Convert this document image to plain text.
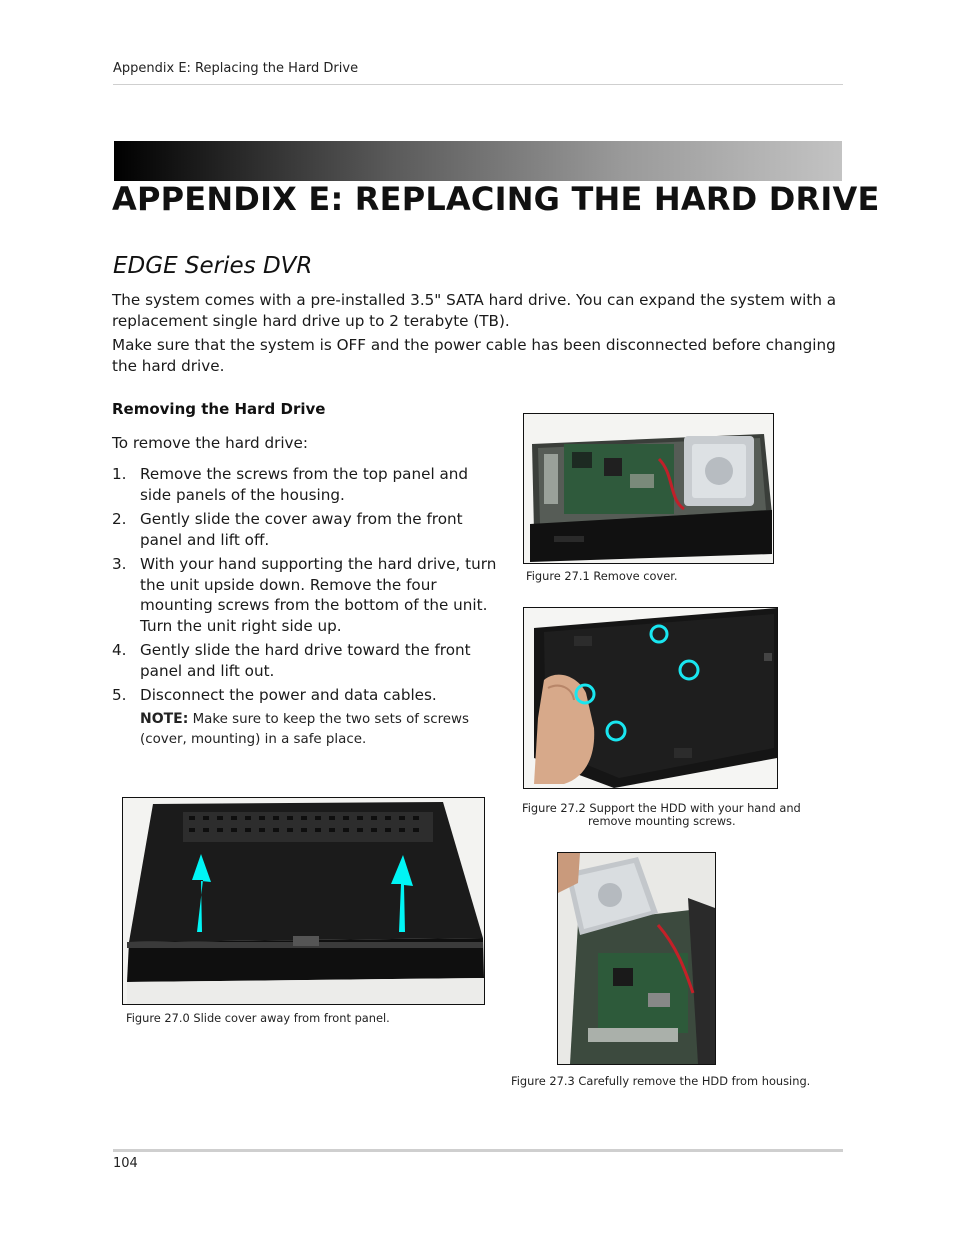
Appendix E: Replacing the Hard Drive
APPENDIX E: REPLACING THE HARD DRIVE
EDGE Series DVR
The system comes with a pre-installed 3.5" SATA hard drive. You can expand the system with a replacement single hard drive up to 2 terabyte (TB).
Make sure that the system is OFF and the power cable has been disconnected before changing the hard drive.
Removing the Hard Drive
To remove the hard drive:
1. Remove the screws from the top panel and side panels of the housing.
2. Gently slide the cover away from the front panel and lift off.
3. With your hand supporting the hard drive, turn the unit upside down. Remove the four mounting screws from the bottom of the unit. Turn the unit right side up.
4. Gently slide the hard drive toward the front panel and lift out.
5. Disconnect the power and data cables.
NOTE: Make sure to keep the two sets of screws (cover, mounting) in a safe place.
Figure 27.1 Remove cover.
Figure 27.2 Support the HDD with your hand and remove mounting screws.
Figure 27.0 Slide cover away from front panel.
Figure 27.3 Carefully remove the HDD from housing.
104
